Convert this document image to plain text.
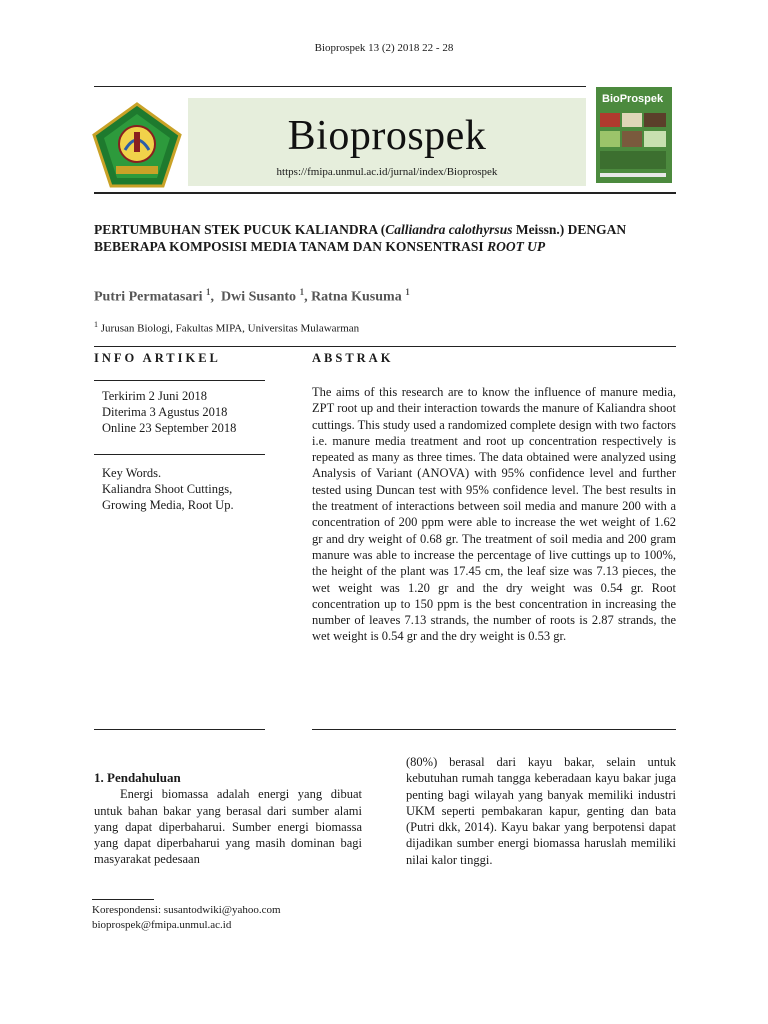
Bioprospek 13 (2) 2018 22 - 28
Bioprospek
https://fmipa.unmul.ac.id/jurnal/index/Bioprospek
BioProspek
PERTUMBUHAN STEK PUCUK KALIANDRA (Calliandra calothyrsus Meissn.) DENGAN BEBERAPA KOMPOSISI MEDIA TANAM DAN KONSENTRASI ROOT UP
Putri Permatasari $^1$,  Dwi Susanto $^1$, Ratna Kusuma $^1$
$^1$ Jurusan Biologi, Fakultas MIPA, Universitas Mulawarman
INFO ARTIKEL
Terkirim 2 Juni 2018
Diterima 3 Agustus 2018
Online 23 September 2018
Key Words.
Kaliandra Shoot Cuttings,
Growing Media, Root Up.
ABSTRAK
The aims of this research are to know the influence of manure media, ZPT root up and their interaction towards the manure of Kaliandra shoot cuttings. This study used a randomized complete design with two factors i.e. manure media treatment and root up concentration respectively is repeated as many as three times. The data obtained were analyzed using Analysis of Variant (ANOVA) with 95% confidence level and further tested using Duncan test with 95% confidence level. The best results in the treatment of interactions between soil media and manure 200 with a concentration of 200 ppm were able to increase the wet weight of 1.62 gr and dry weight of 0.68 gr. The treatment of soil media and 200 gram manure was able to increase the percentage of live cuttings up to 100%, the height of the plant was 17.45 cm, the leaf size was 7.13 pieces, the wet weight was 1.20 gr and the dry weight was 0.54 gr. Root concentration up to 150 ppm is the best concentration in increasing the number of leaves 7.13 strands, the number of roots is 2.87 strands, the wet weight is 0.54 gr and the dry weight is 0.53 gr.
1. Pendahuluan
Energi biomassa adalah energi yang dibuat untuk bahan bakar yang berasal dari sumber alami yang dapat diperbaharui. Sumber energi biomassa yang dapat diperbaharui yang masih dominan bagi masyarakat pedesaan
(80%) berasal dari kayu bakar, selain untuk kebutuhan rumah tangga keberadaan kayu bakar juga penting bagi wilayah yang banyak memiliki industri UKM seperti pembakaran kapur, genting dan bata (Putri dkk, 2014). Kayu bakar yang berpotensi dapat dijadikan sumber energi biomassa haruslah memiliki nilai kalor tinggi.
Korespondensi: susantodwiki@yahoo.com
bioprospek@fmipa.unmul.ac.id
